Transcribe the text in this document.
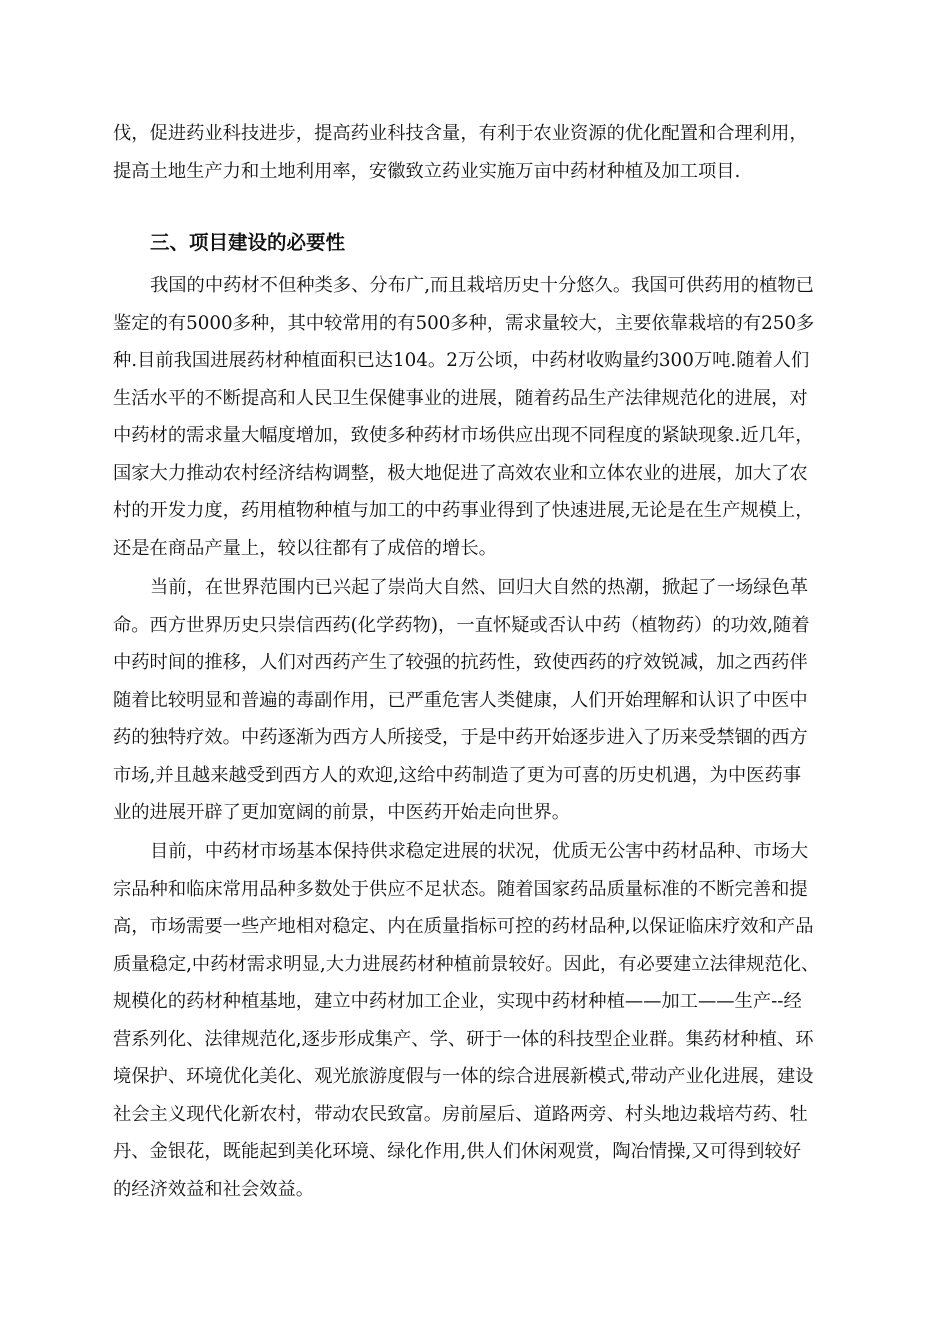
伐，促进药业科技进步，提高药业科技含量，有利于农业资源的优化配置和合理利用，
提高土地生产力和土地利用率，安徽致立药业实施万亩中药材种植及加工项目.
三、项目建设的必要性
我国的中药材不但种类多、分布广,而且栽培历史十分悠久。我国可供药用的植物已
鉴定的有5000多种，其中较常用的有500多种，需求量较大，主要依靠栽培的有250多
种.目前我国进展药材种植面积已达104。2万公顷，中药材收购量约300万吨.随着人们
生活水平的不断提高和人民卫生保健事业的进展，随着药品生产法律规范化的进展，对
中药材的需求量大幅度增加，致使多种药材市场供应出现不同程度的紧缺现象.近几年，
国家大力推动农村经济结构调整，极大地促进了高效农业和立体农业的进展，加大了农
村的开发力度，药用植物种植与加工的中药事业得到了快速进展,无论是在生产规模上，
还是在商品产量上，较以往都有了成倍的增长。
当前，在世界范围内已兴起了崇尚大自然、回归大自然的热潮，掀起了一场绿色革
命。西方世界历史只崇信西药(化学药物)，一直怀疑或否认中药（植物药）的功效,随着
中药时间的推移，人们对西药产生了较强的抗药性，致使西药的疗效锐减，加之西药伴
随着比较明显和普遍的毒副作用，已严重危害人类健康，人们开始理解和认识了中医中
药的独特疗效。中药逐渐为西方人所接受，于是中药开始逐步进入了历来受禁锢的西方
市场,并且越来越受到西方人的欢迎,这给中药制造了更为可喜的历史机遇，为中医药事
业的进展开辟了更加宽阔的前景，中医药开始走向世界。
目前，中药材市场基本保持供求稳定进展的状况，优质无公害中药材品种、市场大
宗品种和临床常用品种多数处于供应不足状态。随着国家药品质量标准的不断完善和提
高，市场需要一些产地相对稳定、内在质量指标可控的药材品种,以保证临床疗效和产品
质量稳定,中药材需求明显,大力进展药材种植前景较好。因此，有必要建立法律规范化、
规模化的药材种植基地，建立中药材加工企业，实现中药材种植——加工——生产--经
营系列化、法律规范化,逐步形成集产、学、研于一体的科技型企业群。集药材种植、环
境保护、环境优化美化、观光旅游度假与一体的综合进展新模式,带动产业化进展，建设
社会主义现代化新农村，带动农民致富。房前屋后、道路两旁、村头地边栽培芍药、牡
丹、金银花，既能起到美化环境、绿化作用,供人们休闲观赏，陶冶情操,又可得到较好
的经济效益和社会效益。
